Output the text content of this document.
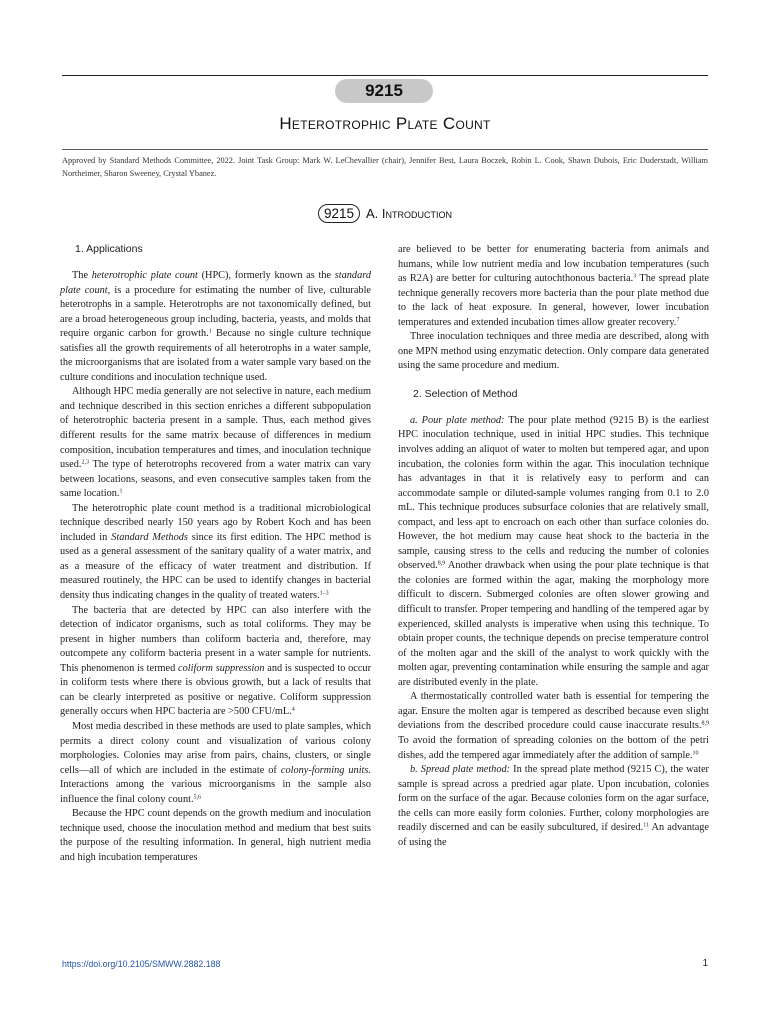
9215
Heterotrophic Plate Count
Approved by Standard Methods Committee, 2022. Joint Task Group: Mark W. LeChevallier (chair), Jennifer Best, Laura Boczek, Robin L. Cook, Shawn Dubois, Eric Duderstadt, William Northeimer, Sharon Sweeney, Crystal Ybanez.
9215 A. Introduction

1. Applications

The heterotrophic plate count (HPC), formerly known as the standard plate count, is a procedure for estimating the number of live, culturable heterotrophs in a sample. Heterotrophs are not taxonomically defined, but are a broad heterogeneous group including, bacteria, yeasts, and molds that require organic carbon for growth.$^1$ Because no single culture technique satisfies all the growth requirements of all heterotrophs in a water sample, the microorganisms that are isolated from a water sample vary based on the culture conditions and inoculation technique used.

Although HPC media generally are not selective in nature, each medium and technique described in this section enriches a different subpopulation of heterotrophic bacteria present in a sample. Thus, each method gives different results for the same matrix because of differences in medium composition, incubation temperatures and times, and inoculation technique used.$^{2,3}$ The type of heterotrophs recovered from a water matrix can vary between locations, seasons, and even consecutive samples taken from the same location.$^1$

The heterotrophic plate count method is a traditional microbiological technique described nearly 150 years ago by Robert Koch and has been included in Standard Methods since its first edition. The HPC method is used as a general assessment of the sanitary quality of a water matrix, and as a measure of the efficacy of water treatment and distribution. If measured routinely, the HPC can be used to identify changes in bacterial density thus indicating changes in the quality of treated waters.$^{1-3}$

The bacteria that are detected by HPC can also interfere with the detection of indicator organisms, such as total coliforms. They may be present in higher numbers than coliform bacteria and, therefore, may outcompete any coliform bacteria present in a water sample for nutrients. This phenomenon is termed coliform suppression and is suspected to occur in coliform tests where there is obvious growth, but a lack of results that can be clearly interpreted as positive or negative. Coliform suppression generally occurs when HPC bacteria are >500 CFU/mL.$^4$

Most media described in these methods are used to plate samples, which permits a direct colony count and visualization of various colony morphologies. Colonies may arise from pairs, chains, clusters, or single cells—all of which are included in the estimate of colony-forming units. Interactions among the various microorganisms in the sample also influence the final colony count.$^{5,6}$

Because the HPC count depends on the growth medium and inoculation technique used, choose the inoculation method and medium that best suits the purpose of the resulting information. In general, high nutrient media and high incubation temperatures

are believed to be better for enumerating bacteria from animals and humans, while low nutrient media and low incubation temperatures (such as R2A) are better for culturing autochthonous bacteria.$^3$ The spread plate technique generally recovers more bacteria than the pour plate method due to the lack of heat exposure. In general, however, lower incubation temperatures and extended incubation times allow greater recovery.$^7$

Three inoculation techniques and three media are described, along with one MPN method using enzymatic detection. Only compare data generated using the same procedure and medium.

2. Selection of Method

a. Pour plate method: The pour plate method (9215 B) is the earliest HPC inoculation technique, used in initial HPC studies. This technique involves adding an aliquot of water to molten but tempered agar, and upon incubation, the colonies form within the agar. This inoculation technique has advantages in that it is relatively easy to perform and can accommodate sample or diluted-sample volumes ranging from 0.1 to 2.0 mL. This technique produces subsurface colonies that are relatively small, compact, and less apt to encroach on each other than surface colonies do. However, the hot medium may cause heat shock to the bacteria in the sample, causing stress to the cells and reducing the number of colonies observed.$^{8,9}$ Another drawback when using the pour plate technique is that the colonies are formed within the agar, making the morphology more difficult to discern. Submerged colonies are often slower growing and difficult to transfer. Proper tempering and handling of the tempered agar by experienced, skilled analysts is imperative when using this technique. To obtain proper counts, the technique depends on precise temperature control of the molten agar and the skill of the analyst to work quickly with the molten agar, preventing contamination while ensuring the sample and agar are distributed evenly in the plate.

A thermostatically controlled water bath is essential for tempering the agar. Ensure the molten agar is tempered as described because even slight deviations from the described procedure could cause inaccurate results.$^{8,9}$ To avoid the formation of spreading colonies on the bottom of the petri dishes, add the tempered agar immediately after the addition of sample.$^{10}$

b. Spread plate method: In the spread plate method (9215 C), the water sample is spread across a predried agar plate. Upon incubation, colonies form on the surface of the agar. Because colonies form on the agar surface, the cells can more easily form colonies. Further, colony morphologies are readily discerned and can be easily subcultured, if desired.$^{11}$ An advantage of using the

https://doi.org/10.2105/SMWW.2882.188	1
